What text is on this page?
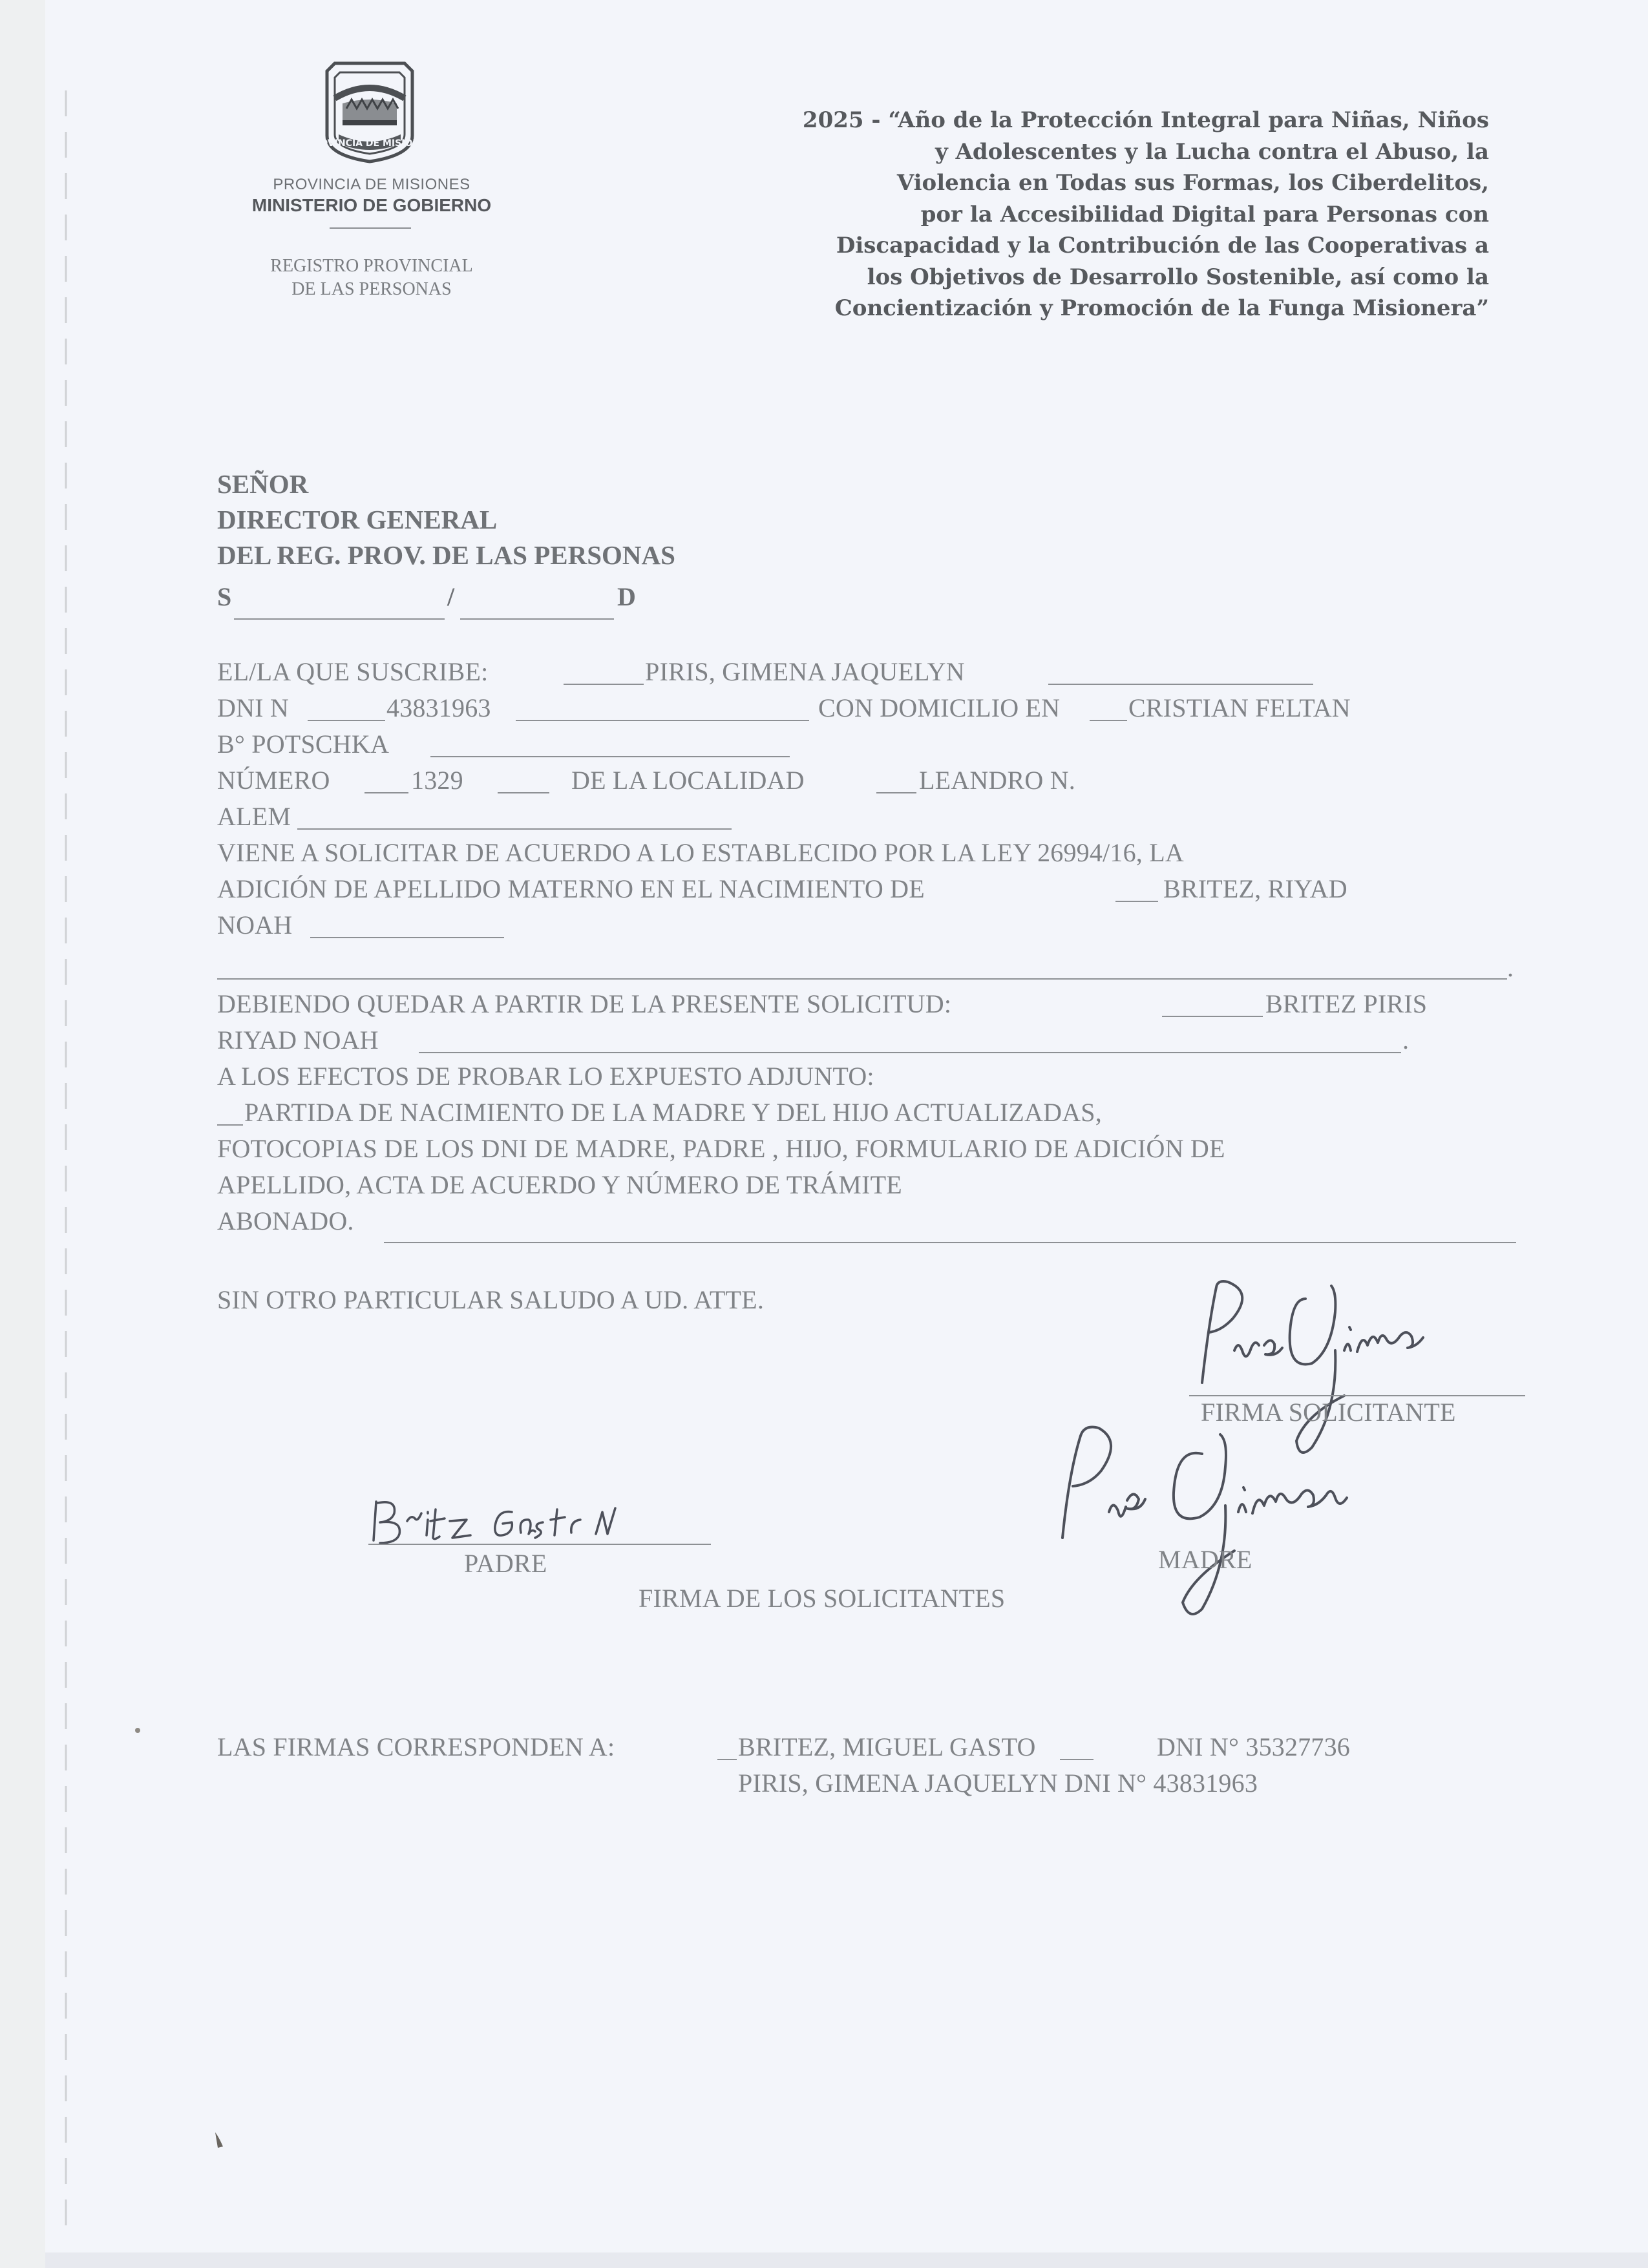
PROVINCIA DE MISIONES
PROVINCIA DE MISIONES
MINISTERIO DE GOBIERNO
REGISTRO PROVINCIAL
DE LAS PERSONAS
2025 - “Año de la Protección Integral para Niñas, Niños
y Adolescentes y la Lucha contra el Abuso, la
Violencia en Todas sus Formas, los Ciberdelitos,
por la Accesibilidad Digital para Personas con
Discapacidad y la Contribución de las Cooperativas a
los Objetivos de Desarrollo Sostenible, así como la
Concientización y Promoción de la Funga Misionera”
SEÑOR
DIRECTOR GENERAL
DEL REG. PROV. DE LAS PERSONAS
S	/	D
EL/LA QUE SUSCRIBE:	PIRIS, GIMENA JAQUELYN
DNI N	43831963	CON DOMICILIO EN	CRISTIAN FELTAN
B° POTSCHKA
NÚMERO	1329	DE LA LOCALIDAD	LEANDRO N.
ALEM
VIENE A SOLICITAR DE ACUERDO A LO ESTABLECIDO POR LA LEY 26994/16, LA
ADICIÓN DE APELLIDO MATERNO EN EL NACIMIENTO DE	BRITEZ, RIYAD
NOAH
.
DEBIENDO QUEDAR A PARTIR DE LA PRESENTE SOLICITUD:	BRITEZ PIRIS
RIYAD NOAH	.
A LOS EFECTOS DE PROBAR LO EXPUESTO ADJUNTO:
PARTIDA DE NACIMIENTO DE LA MADRE Y DEL HIJO ACTUALIZADAS,
FOTOCOPIAS DE LOS DNI DE MADRE, PADRE , HIJO, FORMULARIO DE ADICIÓN DE
APELLIDO, ACTA DE ACUERDO Y NÚMERO DE TRÁMITE
ABONADO.
SIN OTRO PARTICULAR SALUDO A UD. ATTE.
Piris Gimena
FIRMA SOLICITANTE
BRitez GAstoN
PADRE
Piris Gimena
MADRE
FIRMA DE LOS SOLICITANTES
LAS FIRMAS CORRESPONDEN A:	BRITEZ, MIGUEL GASTO	DNI N° 35327736
PIRIS, GIMENA JAQUELYN DNI N° 43831963
